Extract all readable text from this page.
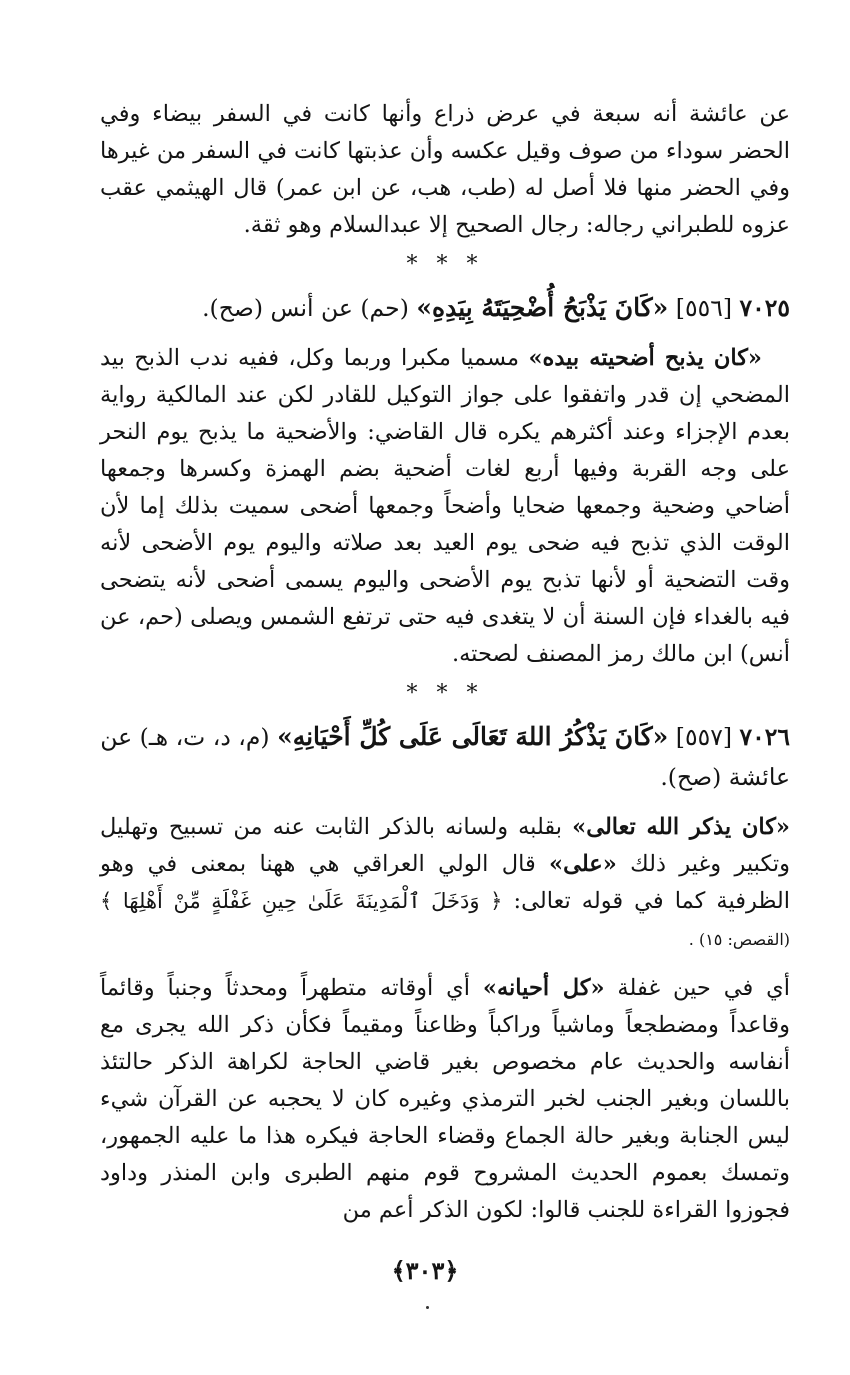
عن عائشة أنه سبعة في عرض ذراع وأنها كانت في السفر بيضاء وفي الحضر سوداء من صوف وقيل عكسه وأن عذبتها كانت في السفر من غيرها وفي الحضر منها فلا أصل له (طب، هب، عن ابن عمر) قال الهيثمي عقب عزوه للطبراني رجاله: رجال الصحيح إلا عبدالسلام وهو ثقة.

* * *

٧٠٢٥ [٥٥٦] «كَانَ يَذْبَحُ أُضْحِيَتَهُ بِيَدِهِ» (حم) عن أنس (صح).

«كان يذبح أضحيته بيده» مسميا مكبرا وربما وكل، ففيه ندب الذبح بيد المضحي إن قدر واتفقوا على جواز التوكيل للقادر لكن عند المالكية رواية بعدم الإجزاء وعند أكثرهم يكره قال القاضي: والأضحية ما يذبح يوم النحر على وجه القربة وفيها أربع لغات أضحية بضم الهمزة وكسرها وجمعها أضاحي وضحية وجمعها ضحايا وأضحاً وجمعها أضحى سميت بذلك إما لأن الوقت الذي تذبح فيه ضحى يوم العيد بعد صلاته واليوم يوم الأضحى لأنه وقت التضحية أو لأنها تذبح يوم الأضحى واليوم يسمى أضحى لأنه يتضحى فيه بالغداء فإن السنة أن لا يتغدى فيه حتى ترتفع الشمس ويصلى (حم، عن أنس) ابن مالك رمز المصنف لصحته.

* * *

٧٠٢٦ [٥٥٧] «كَانَ يَذْكُرُ اللهَ تَعَالَى عَلَى كُلِّ أَحْيَانِهِ» (م، د، ت، هـ) عن عائشة (صح).

«كان يذكر الله تعالى» بقلبه ولسانه بالذكر الثابت عنه من تسبيح وتهليل وتكبير وغير ذلك «على» قال الولي العراقي هي ههنا بمعنى في وهو الظرفية كما في قوله تعالى: ﴿ وَدَخَلَ ٱلْمَدِينَةَ عَلَىٰ حِينِ غَفْلَةٍ مِّنْ أَهْلِهَا ﴾ (القصص: ١٥) .

أي في حين غفلة «كل أحيانه» أي أوقاته متطهراً ومحدثاً وجنباً وقائماً وقاعداً ومضطجعاً وماشياً وراكباً وظاعناً ومقيماً فكأن ذكر الله يجرى مع أنفاسه والحديث عام مخصوص بغير قاضي الحاجة لكراهة الذكر حالتئذ باللسان وبغير الجنب لخبر الترمذي وغيره كان لا يحجبه عن القرآن شيء ليس الجنابة وبغير حالة الجماع وقضاء الحاجة فيكره هذا ما عليه الجمهور، وتمسك بعموم الحديث المشروح قوم منهم الطبرى وابن المنذر وداود فجوزوا القراءة للجنب قالوا: لكون الذكر أعم من

﴿٣٠٣﴾
